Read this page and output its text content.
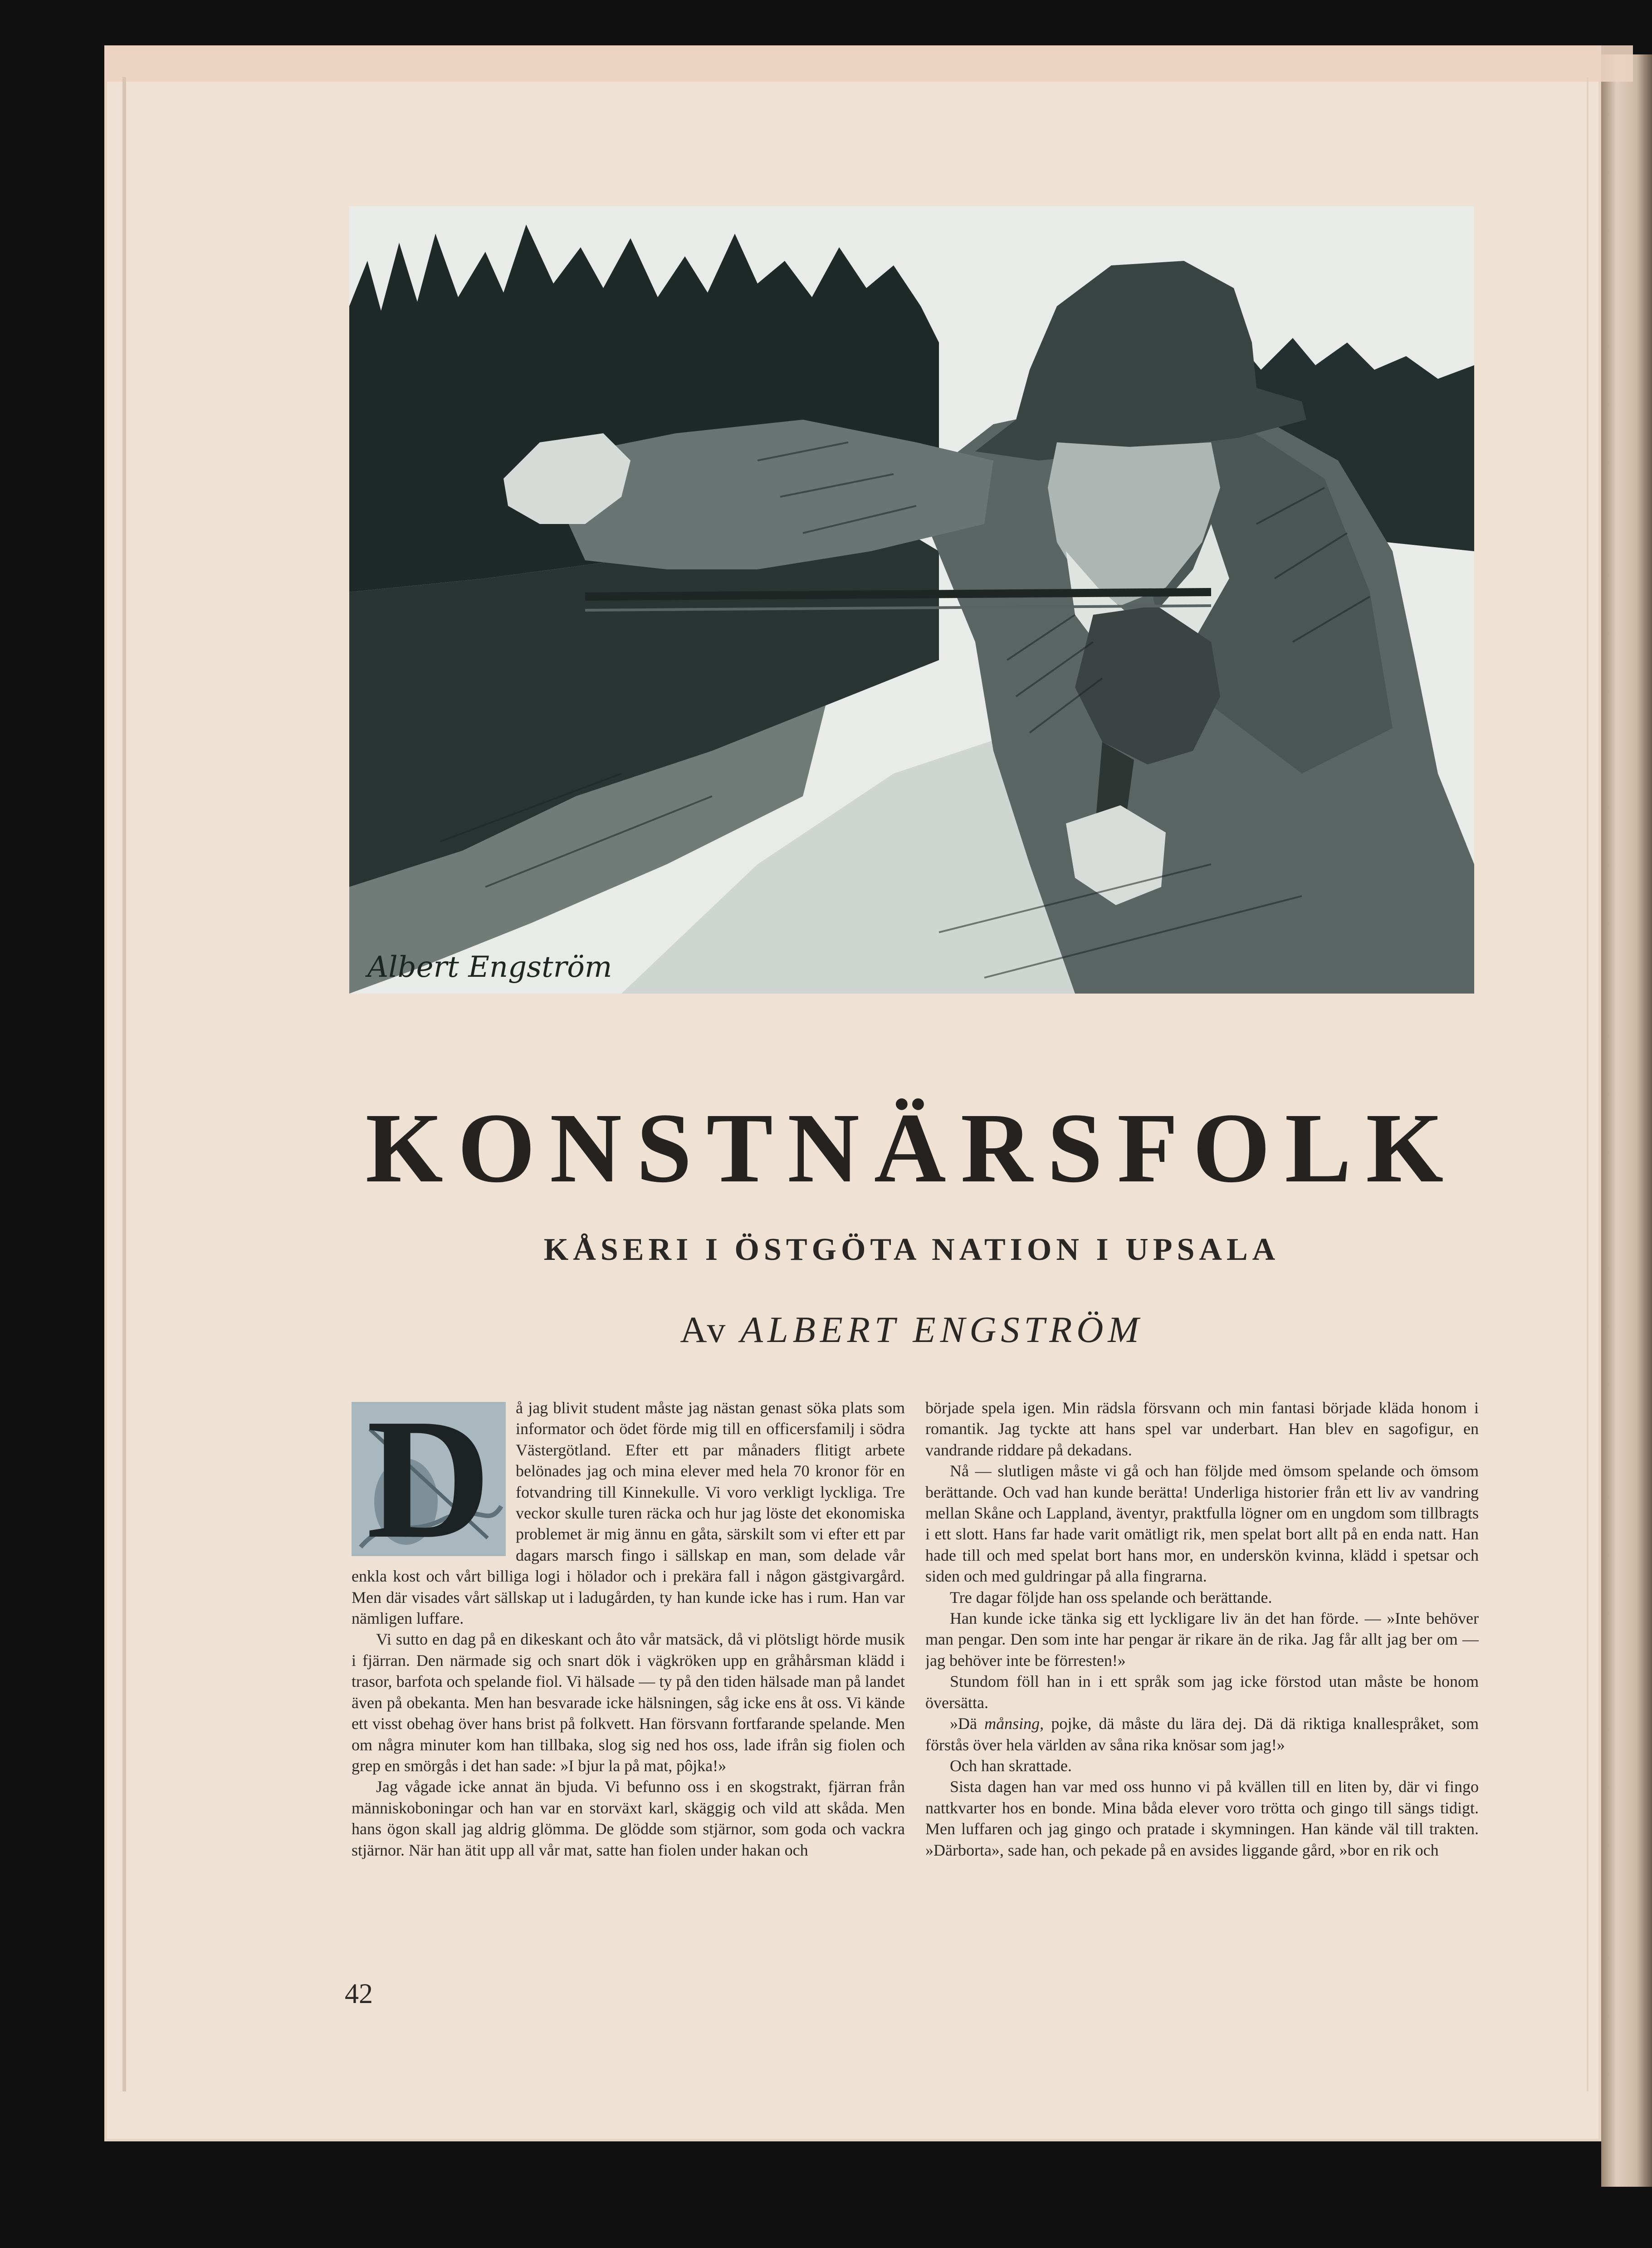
Albert Engström
KONSTNÄRSFOLK
KÅSERI I ÖSTGÖTA NATION I UPSALA
Av ALBERT ENGSTRÖM
D	å jag blivit student måste jag nästan genast söka plats som informator och ödet förde mig till en officersfamilj i södra Västergötland. Efter ett par månaders flitigt arbete belönades jag och mina elever med hela 70 kronor för en fotvandring till Kinnekulle. Vi voro verkligt lyckliga. Tre veckor skulle turen räcka och hur jag löste det ekonomiska problemet är mig ännu en gåta, särskilt som vi efter ett par dagars marsch fingo i sällskap en man, som delade vår enkla kost och vårt billiga logi i hölador och i prekära fall i någon gästgivargård. Men där visades vårt sällskap ut i ladugården, ty han kunde icke has i rum. Han var nämligen luffare.

Vi sutto en dag på en dikeskant och åto vår matsäck, då vi plötsligt hörde musik i fjärran. Den närmade sig och snart dök i vägkröken upp en gråhårsman klädd i trasor, barfota och spelande fiol. Vi hälsade — ty på den tiden hälsade man på landet även på obekanta. Men han besvarade icke hälsningen, såg icke ens åt oss. Vi kände ett visst obehag över hans brist på folkvett. Han försvann fortfarande spelande. Men om några minuter kom han tillbaka, slog sig ned hos oss, lade ifrån sig fiolen och grep en smörgås i det han sade: »I bjur la på mat, pôjka!»

Jag vågade icke annat än bjuda. Vi befunno oss i en skogstrakt, fjärran från människoboningar och han var en storväxt karl, skäggig och vild att skåda. Men hans ögon skall jag aldrig glömma. De glödde som stjärnor, som goda och vackra stjärnor. När han ätit upp all vår mat, satte han fiolen under hakan och

började spela igen. Min rädsla försvann och min fantasi började kläda honom i romantik. Jag tyckte att hans spel var underbart. Han blev en sagofigur, en vandrande riddare på dekadans.

Nå — slutligen måste vi gå och han följde med ömsom spelande och ömsom berättande. Och vad han kunde berätta! Underliga historier från ett liv av vandring mellan Skåne och Lappland, äventyr, praktfulla lögner om en ungdom som tillbragts i ett slott. Hans far hade varit omätligt rik, men spelat bort allt på en enda natt. Han hade till och med spelat bort hans mor, en underskön kvinna, klädd i spetsar och siden och med guldringar på alla fingrarna.

Tre dagar följde han oss spelande och berättande.

Han kunde icke tänka sig ett lyckligare liv än det han förde. — »Inte behöver man pengar. Den som inte har pengar är rikare än de rika. Jag får allt jag ber om — jag behöver inte be förresten!»

Stundom föll han in i ett språk som jag icke förstod utan måste be honom översätta.

»Dä månsing, pojke, dä måste du lära dej. Dä dä riktiga knallespråket, som förstås över hela världen av såna rika knösar som jag!»

Och han skrattade.

Sista dagen han var med oss hunno vi på kvällen till en liten by, där vi fingo nattkvarter hos en bonde. Mina båda elever voro trötta och gingo till sängs tidigt. Men luffaren och jag gingo och pratade i skymningen. Han kände väl till trakten. »Därborta», sade han, och pekade på en avsides liggande gård, »bor en rik och

42
